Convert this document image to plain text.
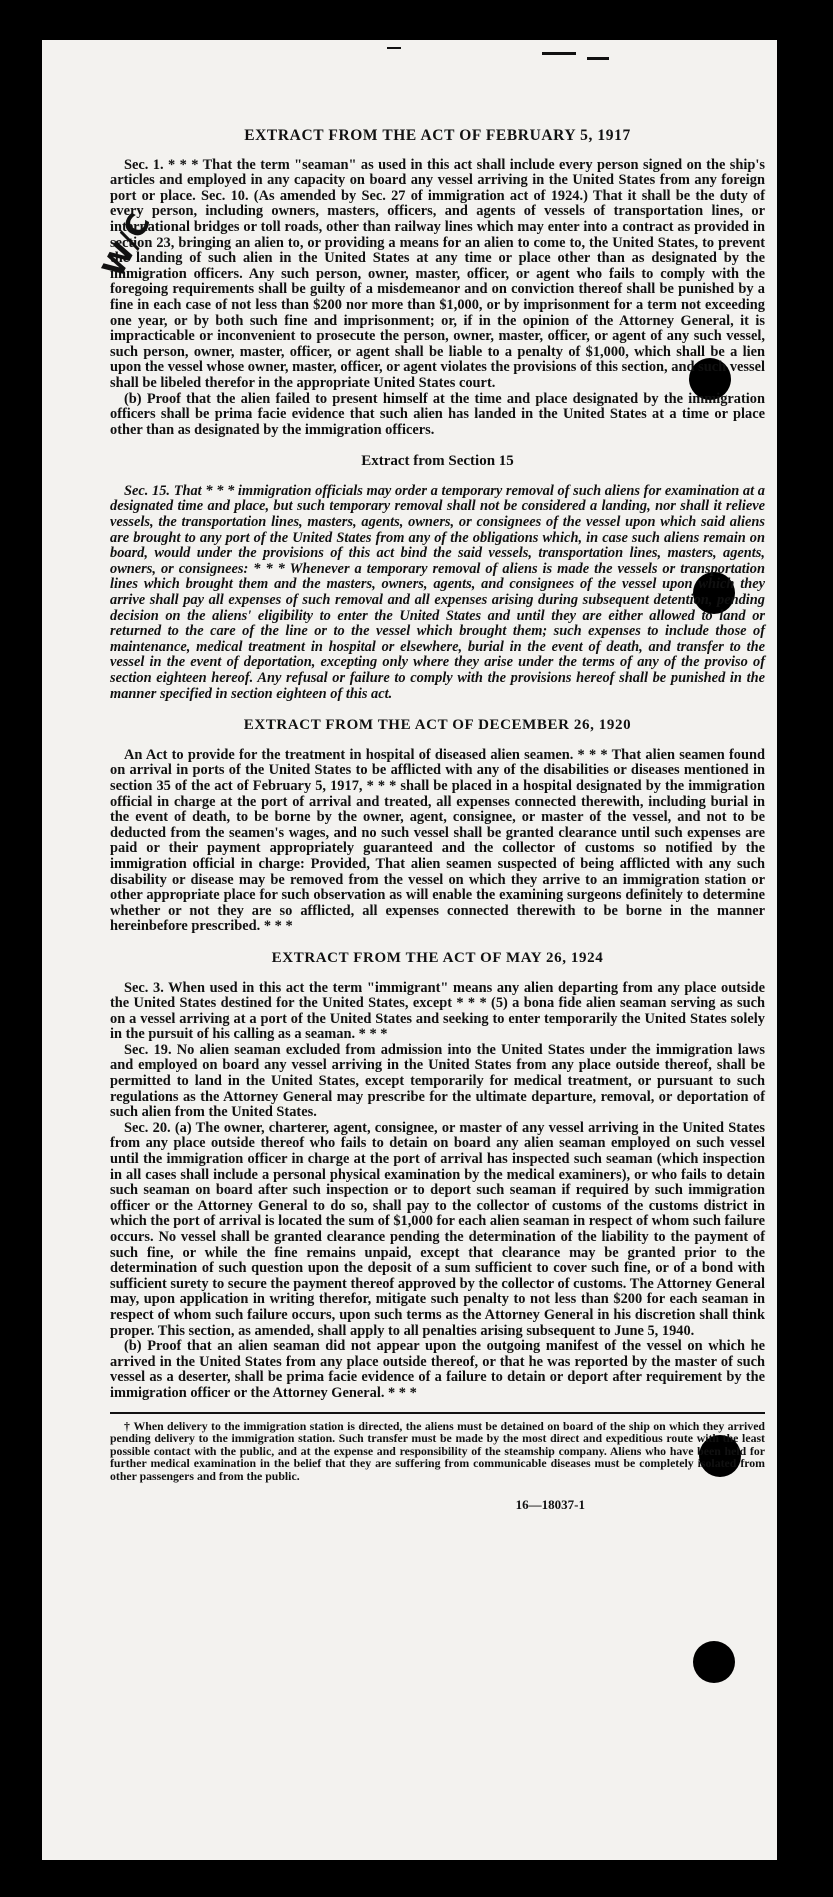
W/C
EXTRACT FROM THE ACT OF FEBRUARY 5, 1917

Sec. 1. * * * That the term "seaman" as used in this act shall include every person signed on the ship's articles and employed in any capacity on board any vessel arriving in the United States from any foreign port or place. Sec. 10. (As amended by Sec. 27 of immigration act of 1924.) That it shall be the duty of every person, including owners, masters, officers, and agents of vessels of transportation lines, or international bridges or toll roads, other than railway lines which may enter into a contract as provided in section 23, bringing an alien to, or providing a means for an alien to come to, the United States, to prevent the landing of such alien in the United States at any time or place other than as designated by the immigration officers. Any such person, owner, master, officer, or agent who fails to comply with the foregoing requirements shall be guilty of a misdemeanor and on conviction thereof shall be punished by a fine in each case of not less than $200 nor more than $1,000, or by imprisonment for a term not exceeding one year, or by both such fine and imprisonment; or, if in the opinion of the Attorney General, it is impracticable or inconvenient to prosecute the person, owner, master, officer, or agent of any such vessel, such person, owner, master, officer, or agent shall be liable to a penalty of $1,000, which shall be a lien upon the vessel whose owner, master, officer, or agent violates the provisions of this section, and such vessel shall be libeled therefor in the appropriate United States court.

(b) Proof that the alien failed to present himself at the time and place designated by the immigration officers shall be prima facie evidence that such alien has landed in the United States at a time or place other than as designated by the immigration officers.

Extract from Section 15

Sec. 15. That * * * immigration officials may order a temporary removal of such aliens for examination at a designated time and place, but such temporary removal shall not be considered a landing, nor shall it relieve vessels, the transportation lines, masters, agents, owners, or consignees of the vessel upon which said aliens are brought to any port of the United States from any of the obligations which, in case such aliens remain on board, would under the provisions of this act bind the said vessels, transportation lines, masters, agents, owners, or consignees: * * * Whenever a temporary removal of aliens is made the vessels or transportation lines which brought them and the masters, owners, agents, and consignees of the vessel upon which they arrive shall pay all expenses of such removal and all expenses arising during subsequent detention, pending decision on the aliens' eligibility to enter the United States and until they are either allowed to land or returned to the care of the line or to the vessel which brought them; such expenses to include those of maintenance, medical treatment in hospital or elsewhere, burial in the event of death, and transfer to the vessel in the event of deportation, excepting only where they arise under the terms of any of the proviso of section eighteen hereof. Any refusal or failure to comply with the provisions hereof shall be punished in the manner specified in section eighteen of this act.

EXTRACT FROM THE ACT OF DECEMBER 26, 1920

An Act to provide for the treatment in hospital of diseased alien seamen. * * * That alien seamen found on arrival in ports of the United States to be afflicted with any of the disabilities or diseases mentioned in section 35 of the act of February 5, 1917, * * * shall be placed in a hospital designated by the immigration official in charge at the port of arrival and treated, all expenses connected therewith, including burial in the event of death, to be borne by the owner, agent, consignee, or master of the vessel, and not to be deducted from the seamen's wages, and no such vessel shall be granted clearance until such expenses are paid or their payment appropriately guaranteed and the collector of customs so notified by the immigration official in charge: Provided, That alien seamen suspected of being afflicted with any such disability or disease may be removed from the vessel on which they arrive to an immigration station or other appropriate place for such observation as will enable the examining surgeons definitely to determine whether or not they are so afflicted, all expenses connected therewith to be borne in the manner hereinbefore prescribed. * * *

EXTRACT FROM THE ACT OF MAY 26, 1924

Sec. 3. When used in this act the term "immigrant" means any alien departing from any place outside the United States destined for the United States, except * * * (5) a bona fide alien seaman serving as such on a vessel arriving at a port of the United States and seeking to enter temporarily the United States solely in the pursuit of his calling as a seaman. * * *

Sec. 19. No alien seaman excluded from admission into the United States under the immigration laws and employed on board any vessel arriving in the United States from any place outside thereof, shall be permitted to land in the United States, except temporarily for medical treatment, or pursuant to such regulations as the Attorney General may prescribe for the ultimate departure, removal, or deportation of such alien from the United States.

Sec. 20. (a) The owner, charterer, agent, consignee, or master of any vessel arriving in the United States from any place outside thereof who fails to detain on board any alien seaman employed on such vessel until the immigration officer in charge at the port of arrival has inspected such seaman (which inspection in all cases shall include a personal physical examination by the medical examiners), or who fails to detain such seaman on board after such inspection or to deport such seaman if required by such immigration officer or the Attorney General to do so, shall pay to the collector of customs of the customs district in which the port of arrival is located the sum of $1,000 for each alien seaman in respect of whom such failure occurs. No vessel shall be granted clearance pending the determination of the liability to the payment of such fine, or while the fine remains unpaid, except that clearance may be granted prior to the determination of such question upon the deposit of a sum sufficient to cover such fine, or of a bond with sufficient surety to secure the payment thereof approved by the collector of customs. The Attorney General may, upon application in writing therefor, mitigate such penalty to not less than $200 for each seaman in respect of whom such failure occurs, upon such terms as the Attorney General in his discretion shall think proper. This section, as amended, shall apply to all penalties arising subsequent to June 5, 1940.

(b) Proof that an alien seaman did not appear upon the outgoing manifest of the vessel on which he arrived in the United States from any place outside thereof, or that he was reported by the master of such vessel as a deserter, shall be prima facie evidence of a failure to detain or deport after requirement by the immigration officer or the Attorney General. * * *

† When delivery to the immigration station is directed, the aliens must be detained on board of the ship on which they arrived pending delivery to the immigration station. Such transfer must be made by the most direct and expeditious route with the least possible contact with the public, and at the expense and responsibility of the steamship company. Aliens who have been held for further medical examination in the belief that they are suffering from communicable diseases must be completely isolated from other passengers and from the public.

16—18037-1
